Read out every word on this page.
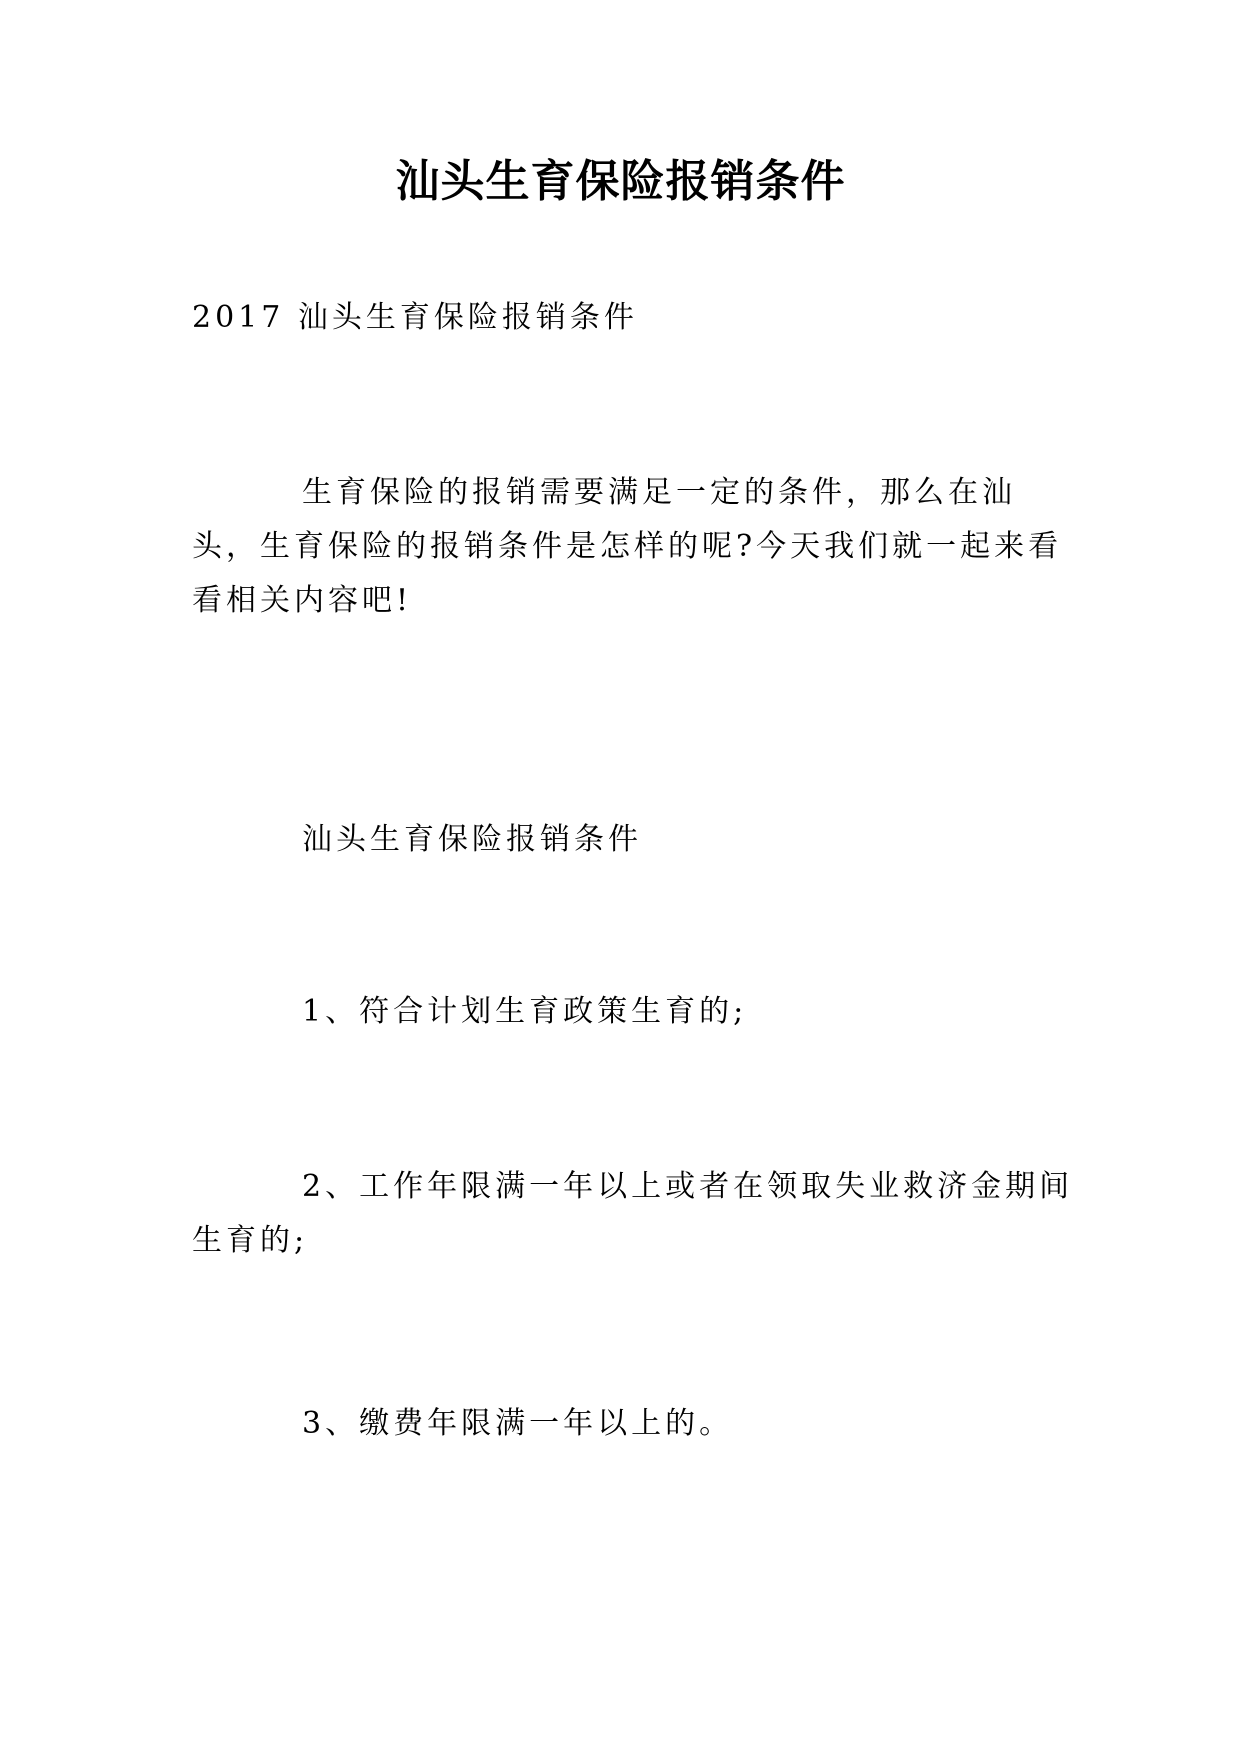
汕头生育保险报销条件
2017 汕头生育保险报销条件
生育保险的报销需要满足一定的条件，那么在汕头，生育保险的报销条件是怎样的呢?今天我们就一起来看看相关内容吧!
汕头生育保险报销条件
1、符合计划生育政策生育的;
2、工作年限满一年以上或者在领取失业救济金期间生育的;
3、缴费年限满一年以上的。
